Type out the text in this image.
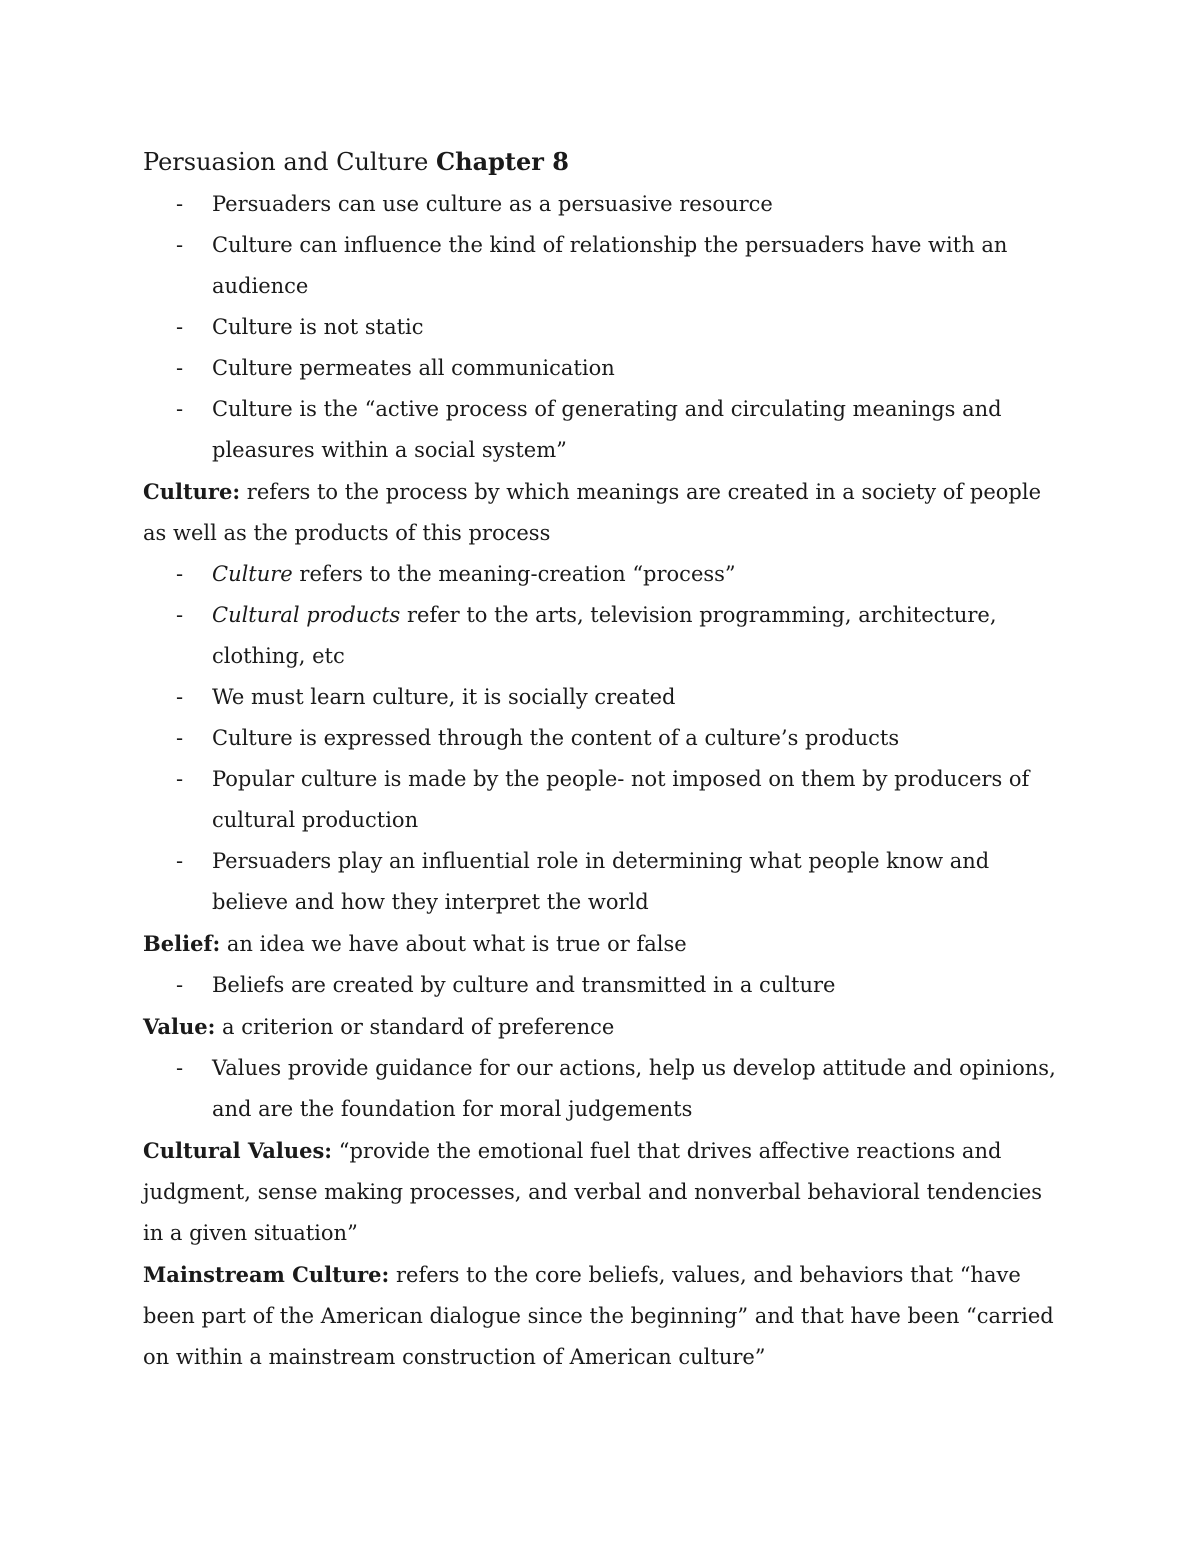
Persuasion and Culture Chapter 8
- Persuaders can use culture as a persuasive resource
- Culture can influence the kind of relationship the persuaders have with an audience
- Culture is not static
- Culture permeates all communication
- Culture is the “active process of generating and circulating meanings and pleasures within a social system”

Culture: refers to the process by which meanings are created in a society of people as well as the products of this process

- Culture refers to the meaning-creation “process”
- Cultural products refer to the arts, television programming, architecture, clothing, etc
- We must learn culture, it is socially created
- Culture is expressed through the content of a culture’s products
- Popular culture is made by the people- not imposed on them by producers of cultural production
- Persuaders play an influential role in determining what people know and believe and how they interpret the world

Belief: an idea we have about what is true or false

- Beliefs are created by culture and transmitted in a culture

Value: a criterion or standard of preference

- Values provide guidance for our actions, help us develop attitude and opinions, and are the foundation for moral judgements

Cultural Values: “provide the emotional fuel that drives affective reactions and judgment, sense making processes, and verbal and nonverbal behavioral tendencies in a given situation”

Mainstream Culture: refers to the core beliefs, values, and behaviors that “have been part of the American dialogue since the beginning” and that have been “carried on within a mainstream construction of American culture”
